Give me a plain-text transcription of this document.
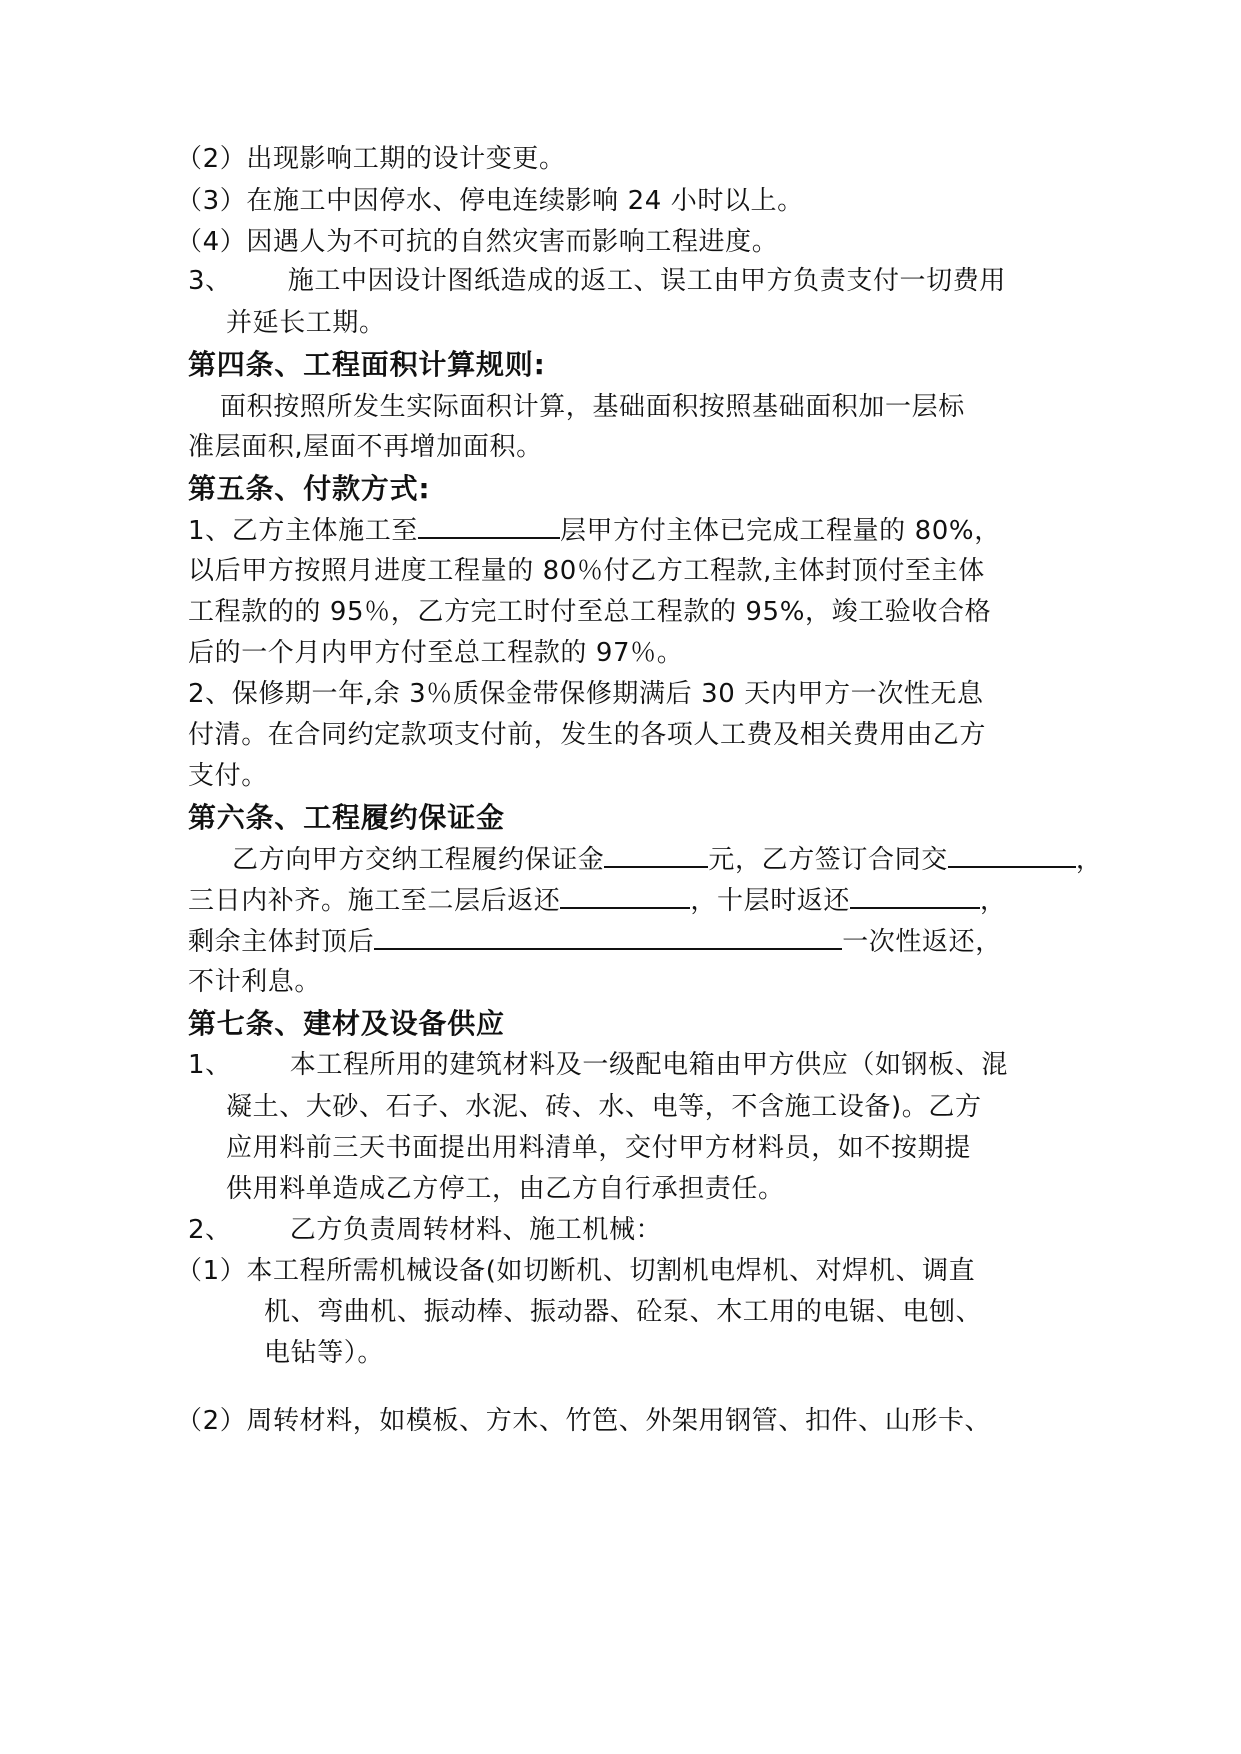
（2）出现影响工期的设计变更。
（3）在施工中因停水、停电连续影响 24 小时以上。
（4）因遇人为不可抗的自然灾害而影响工程进度。
3、 施工中因设计图纸造成的返工、误工由甲方负责支付一切费用
并延长工期。
第四条、工程面积计算规则:
面积按照所发生实际面积计算，基础面积按照基础面积加一层标
准层面积,屋面不再增加面积。
第五条、付款方式:
1、乙方主体施工至	层甲方付主体已完成工程量的 80%，
以后甲方按照月进度工程量的 80％付乙方工程款,主体封顶付至主体
工程款的的 95％，乙方完工时付至总工程款的 95%，竣工验收合格
后的一个月内甲方付至总工程款的 97％。
2、保修期一年,余 3％质保金带保修期满后 30 天内甲方一次性无息
付清。在合同约定款项支付前，发生的各项人工费及相关费用由乙方
支付。
第六条、工程履约保证金
乙方向甲方交纳工程履约保证金	元，乙方签订合同交	，
三日内补齐。施工至二层后返还	，十层时返还	，
剩余主体封顶后	一次性返还，
不计利息。
第七条、建材及设备供应
1、 本工程所用的建筑材料及一级配电箱由甲方供应（如钢板、混
凝土、大砂、石子、水泥、砖、水、电等，不含施工设备)。乙方
应用料前三天书面提出用料清单，交付甲方材料员，如不按期提
供用料单造成乙方停工，由乙方自行承担责任。
2、 乙方负责周转材料、施工机械：
（1）本工程所需机械设备(如切断机、切割机电焊机、对焊机、调直
机、弯曲机、振动棒、振动器、砼泵、木工用的电锯、电刨、
电钻等）。
（2）周转材料，如模板、方木、竹笆、外架用钢管、扣件、山形卡、
